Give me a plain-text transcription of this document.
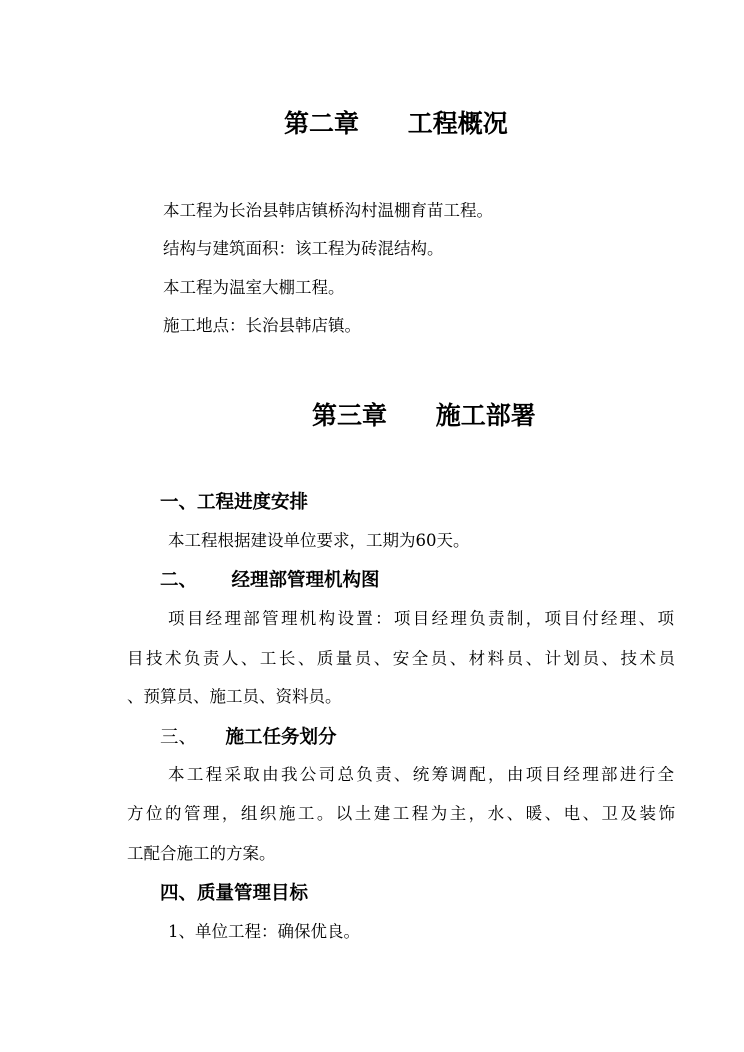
第二章 工程概况
本工程为长治县韩店镇桥沟村温棚育苗工程。
结构与建筑面积：该工程为砖混结构。
本工程为温室大棚工程。
施工地点：长治县韩店镇。
第三章 施工部署
一、工程进度安排
本工程根据建设单位要求，工期为60天。
二、 经理部管理机构图
项目经理部管理机构设置：项目经理负责制，项目付经理、项
目技术负责人、工长、质量员、安全员、材料员、计划员、技术员
、预算员、施工员、资料员。
三、 施工任务划分
本工程采取由我公司总负责、统筹调配，由项目经理部进行全
方位的管理，组织施工。以土建工程为主，水、暖、电、卫及装饰
工配合施工的方案。
四、质量管理目标
1、单位工程：确保优良。
